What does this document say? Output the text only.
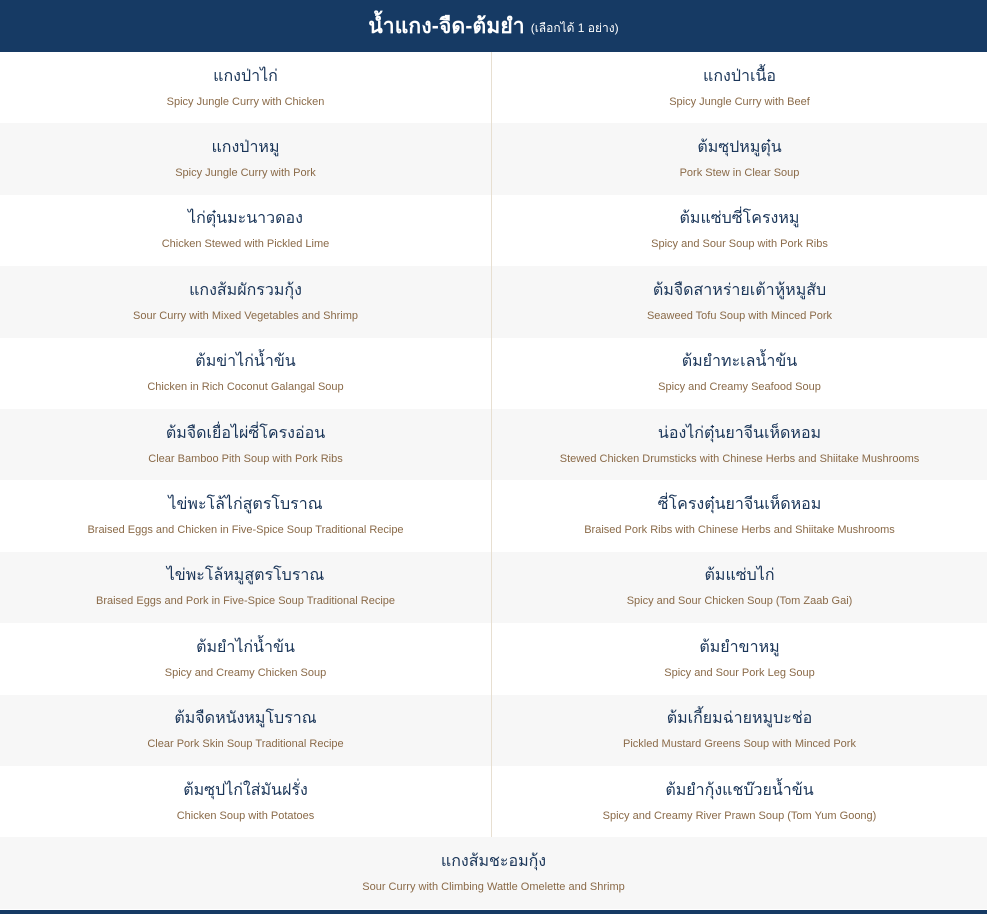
น้ำแกง-จืด-ต้มยำ (เลือกได้ 1 อย่าง)
แกงป่าไก่
Spicy Jungle Curry with Chicken
แกงป่าเนื้อ
Spicy Jungle Curry with Beef
แกงป่าหมู
Spicy Jungle Curry with Pork
ต้มซุปหมูตุ๋น
Pork Stew in Clear Soup
ไก่ตุ๋นมะนาวดอง
Chicken Stewed with Pickled Lime
ต้มแซ่บซี่โครงหมู
Spicy and Sour Soup with Pork Ribs
แกงส้มผักรวมกุ้ง
Sour Curry with Mixed Vegetables and Shrimp
ต้มจืดสาหร่ายเต้าหู้หมูสับ
Seaweed Tofu Soup with Minced Pork
ต้มข่าไก่น้ำข้น
Chicken in Rich Coconut Galangal Soup
ต้มยำทะเลน้ำข้น
Spicy and Creamy Seafood Soup
ต้มจืดเยื่อไผ่ซี่โครงอ่อน
Clear Bamboo Pith Soup with Pork Ribs
น่องไก่ตุ๋นยาจีนเห็ดหอม
Stewed Chicken Drumsticks with Chinese Herbs and Shiitake Mushrooms
ไข่พะโล้ไก่สูตรโบราณ
Braised Eggs and Chicken in Five-Spice Soup Traditional Recipe
ซี่โครงตุ๋นยาจีนเห็ดหอม
Braised Pork Ribs with Chinese Herbs and Shiitake Mushrooms
ไข่พะโล้หมูสูตรโบราณ
Braised Eggs and Pork in Five-Spice Soup Traditional Recipe
ต้มแซ่บไก่
Spicy and Sour Chicken Soup (Tom Zaab Gai)
ต้มยำไก่น้ำข้น
Spicy and Creamy Chicken Soup
ต้มยำขาหมู
Spicy and Sour Pork Leg Soup
ต้มจืดหนังหมูโบราณ
Clear Pork Skin Soup Traditional Recipe
ต้มเกี้ยมฉ่ายหมูบะช่อ
Pickled Mustard Greens Soup with Minced Pork
ต้มซุปไก่ใส่มันฝรั่ง
Chicken Soup with Potatoes
ต้มยำกุ้งแชบ๊วยน้ำข้น
Spicy and Creamy River Prawn Soup (Tom Yum Goong)
แกงส้มชะอมกุ้ง
Sour Curry with Climbing Wattle Omelette and Shrimp
